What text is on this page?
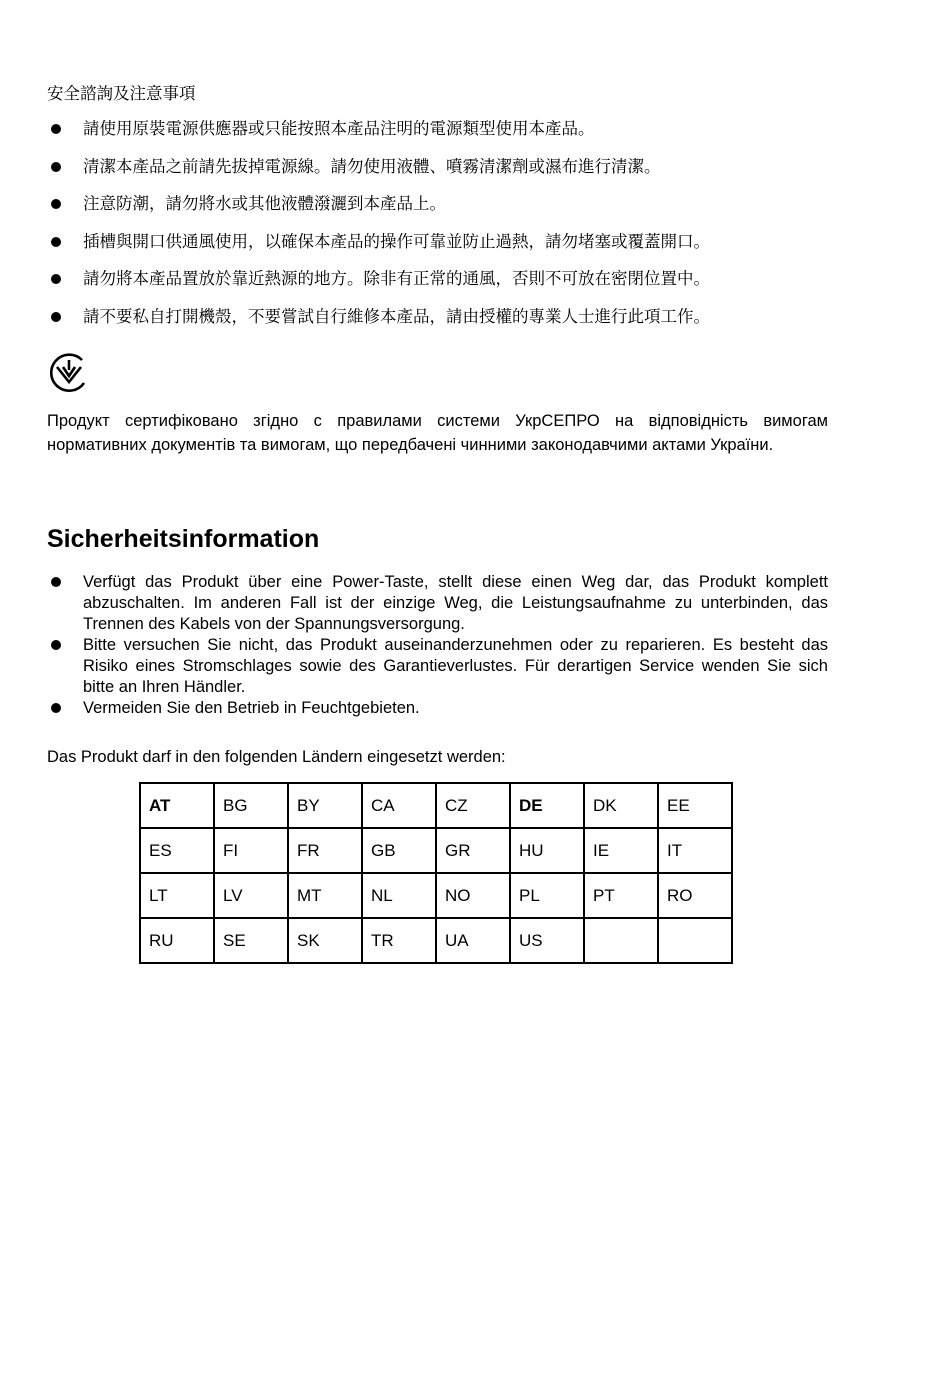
安全諮詢及注意事項
請使用原裝電源供應器或只能按照本產品注明的電源類型使用本產品。
清潔本產品之前請先拔掉電源線。請勿使用液體、噴霧清潔劑或濕布進行清潔。
注意防潮，請勿將水或其他液體潑灑到本產品上。
插槽與開口供通風使用，以確保本產品的操作可靠並防止過熱，請勿堵塞或覆蓋開口。
請勿將本產品置放於靠近熱源的地方。除非有正常的通風，否則不可放在密閉位置中。
請不要私自打開機殼，不要嘗試自行維修本產品，請由授權的專業人士進行此項工作。

Продукт сертифіковано згідно с правилами системи УкрСЕПРО на відповідність вимогам нормативних документів та вимогам, що передбачені чинними законодавчими актами України.

Sicherheitsinformation
Verfügt das Produkt über eine Power-Taste, stellt diese einen Weg dar, das Produkt komplett abzuschalten. Im anderen Fall ist der einzige Weg, die Leistungsaufnahme zu unterbinden, das Trennen des Kabels von der Spannungsversorgung.
Bitte versuchen Sie nicht, das Produkt auseinanderzunehmen oder zu reparieren. Es besteht das Risiko eines Stromschlages sowie des Garantieverlustes. Für derartigen Service wenden Sie sich bitte an Ihren Händler.
Vermeiden Sie den Betrieb in Feuchtgebieten.

Das Produkt darf in den folgenden Ländern eingesetzt werden:

AT	BG	BY	CA	CZ	DE	DK	EE
ES	FI	FR	GB	GR	HU	IE	IT
LT	LV	MT	NL	NO	PL	PT	RO
RU	SE	SK	TR	UA	US		
